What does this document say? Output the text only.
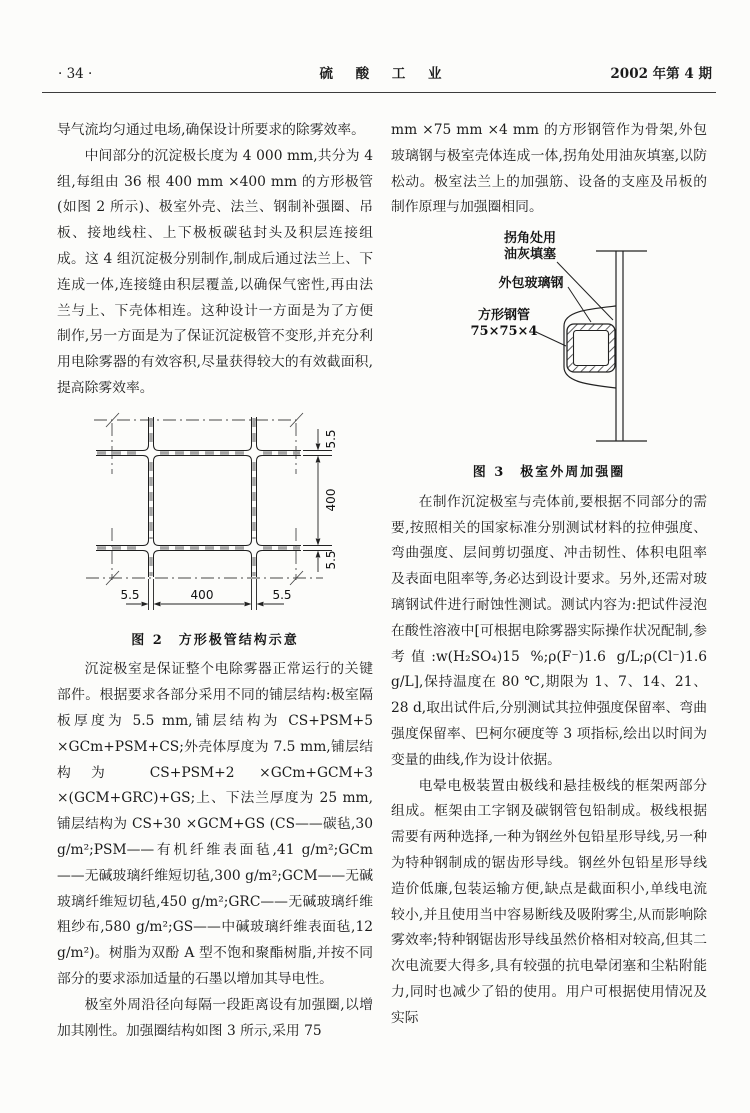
· 34 ·	硫 酸 工 业	2002 年第 4 期

导气流均匀通过电场,确保设计所要求的除雾效率。

中间部分的沉淀极长度为 4 000 mm,共分为 4 组,每组由 36 根 400 mm ×400 mm 的方形极管(如图 2 所示)、极室外壳、法兰、钢制补强圈、吊板、接地线柱、上下极板碳毡封头及积层连接组成。这 4 组沉淀极分别制作,制成后通过法兰上、下连成一体,连接缝由积层覆盖,以确保气密性,再由法兰与上、下壳体相连。这种设计一方面是为了方便制作,另一方面是为了保证沉淀极管不变形,并充分利用电除雾器的有效容积,尽量获得较大的有效截面积,提高除雾效率。

5.5
400
5.5
5.5	400	5.5
图 2　方形极管结构示意

沉淀极室是保证整个电除雾器正常运行的关键部件。根据要求各部分采用不同的铺层结构:极室隔板厚度为 5.5 mm,铺层结构为 CS+PSM+5 ×GCm+PSM+CS;外壳体厚度为 7.5 mm,铺层结构为 CS+PSM+2 ×GCm+GCM+3 ×(GCM+GRC)+GS;上、下法兰厚度为 25 mm,铺层结构为 CS+30 ×GCM+GS (CS——碳毡,30 g/m²;PSM——有机纤维表面毡,41 g/m²;GCm——无碱玻璃纤维短切毡,300 g/m²;GCM——无碱玻璃纤维短切毡,450 g/m²;GRC——无碱玻璃纤维粗纱布,580 g/m²;GS——中碱玻璃纤维表面毡,12 g/m²)。树脂为双酚 A 型不饱和聚酯树脂,并按不同部分的要求添加适量的石墨以增加其导电性。

极室外周沿径向每隔一段距离设有加强圈,以增加其刚性。加强圈结构如图 3 所示,采用 75

mm ×75 mm ×4 mm 的方形钢管作为骨架,外包玻璃钢与极室壳体连成一体,拐角处用油灰填塞,以防松动。极室法兰上的加强筋、设备的支座及吊板的制作原理与加强圈相同。

拐角处用
油灰填塞
外包玻璃钢
方形钢管
75×75×4
图 3　极室外周加强圈

在制作沉淀极室与壳体前,要根据不同部分的需要,按照相关的国家标准分别测试材料的拉伸强度、弯曲强度、层间剪切强度、冲击韧性、体积电阻率及表面电阻率等,务必达到设计要求。另外,还需对玻璃钢试件进行耐蚀性测试。测试内容为:把试件浸泡在酸性溶液中[可根据电除雾器实际操作状况配制,参考值:w(H₂SO₄)15 %;ρ(F⁻)1.6 g/L;ρ(Cl⁻)1.6 g/L],保持温度在 80 ℃,期限为 1、7、14、21、28 d,取出试件后,分别测试其拉伸强度保留率、弯曲强度保留率、巴柯尔硬度等 3 项指标,绘出以时间为变量的曲线,作为设计依据。

电晕电极装置由极线和悬挂极线的框架两部分组成。框架由工字钢及碳钢管包铅制成。极线根据需要有两种选择,一种为钢丝外包铅星形导线,另一种为特种钢制成的锯齿形导线。钢丝外包铅星形导线造价低廉,包装运输方便,缺点是截面积小,单线电流较小,并且使用当中容易断线及吸附雾尘,从而影响除雾效率;特种钢锯齿形导线虽然价格相对较高,但其二次电流要大得多,具有较强的抗电晕闭塞和尘粘附能力,同时也减少了铅的使用。用户可根据使用情况及实际
